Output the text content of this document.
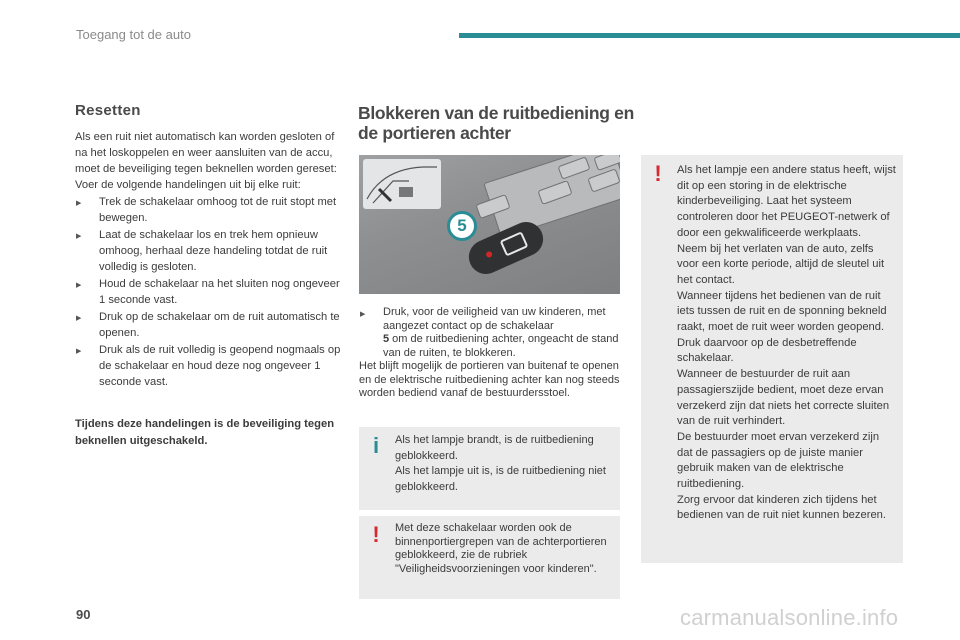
Toegang tot de auto
Resetten
Als een ruit niet automatisch kan worden gesloten of na het loskoppelen en weer aansluiten van de accu, moet de beveiliging tegen beknellen worden gereset:
Voer de volgende handelingen uit bij elke ruit:
▶ Trek de schakelaar omhoog tot de ruit stopt met bewegen.
▶ Laat de schakelaar los en trek hem opnieuw omhoog, herhaal deze handeling totdat de ruit volledig is gesloten.
▶ Houd de schakelaar na het sluiten nog ongeveer 1 seconde vast.
▶ Druk op de schakelaar om de ruit automatisch te openen.
▶ Druk als de ruit volledig is geopend nogmaals op de schakelaar en houd deze nog ongeveer 1 seconde vast.
Tijdens deze handelingen is de beveiliging tegen beknellen uitgeschakeld.
Blokkeren van de ruitbediening en de portieren achter
5
▶ Druk, voor de veiligheid van uw kinderen, met aangezet contact op de schakelaar
5 om de ruitbediening achter, ongeacht de stand van de ruiten, te blokkeren.
Het blijft mogelijk de portieren van buitenaf te openen en de elektrische ruitbediening achter kan nog steeds worden bediend vanaf de bestuurdersstoel.
i	Als het lampje brandt, is de ruitbediening geblokkeerd.
Als het lampje uit is, is de ruitbediening niet geblokkeerd.
!	Met deze schakelaar worden ook de binnenportiergrepen van de achterportieren geblokkeerd, zie de rubriek "Veiligheidsvoorzieningen voor kinderen".
! Als het lampje een andere status heeft, wijst dit op een storing in de elektrische kinderbeveiliging. Laat het systeem controleren door het PEUGEOT-netwerk of door een gekwalificeerde werkplaats.
Neem bij het verlaten van de auto, zelfs voor een korte periode, altijd de sleutel uit het contact.
Wanneer tijdens het bedienen van de ruit iets tussen de ruit en de sponning bekneld raakt, moet de ruit weer worden geopend. Druk daarvoor op de desbetreffende schakelaar.
Wanneer de bestuurder de ruit aan passagierszijde bedient, moet deze ervan verzekerd zijn dat niets het correcte sluiten van de ruit verhindert.
De bestuurder moet ervan verzekerd zijn dat de passagiers op de juiste manier gebruik maken van de elektrische ruitbediening.
Zorg ervoor dat kinderen zich tijdens het bedienen van de ruit niet kunnen bezeren.
90	carmanualsonline.info
